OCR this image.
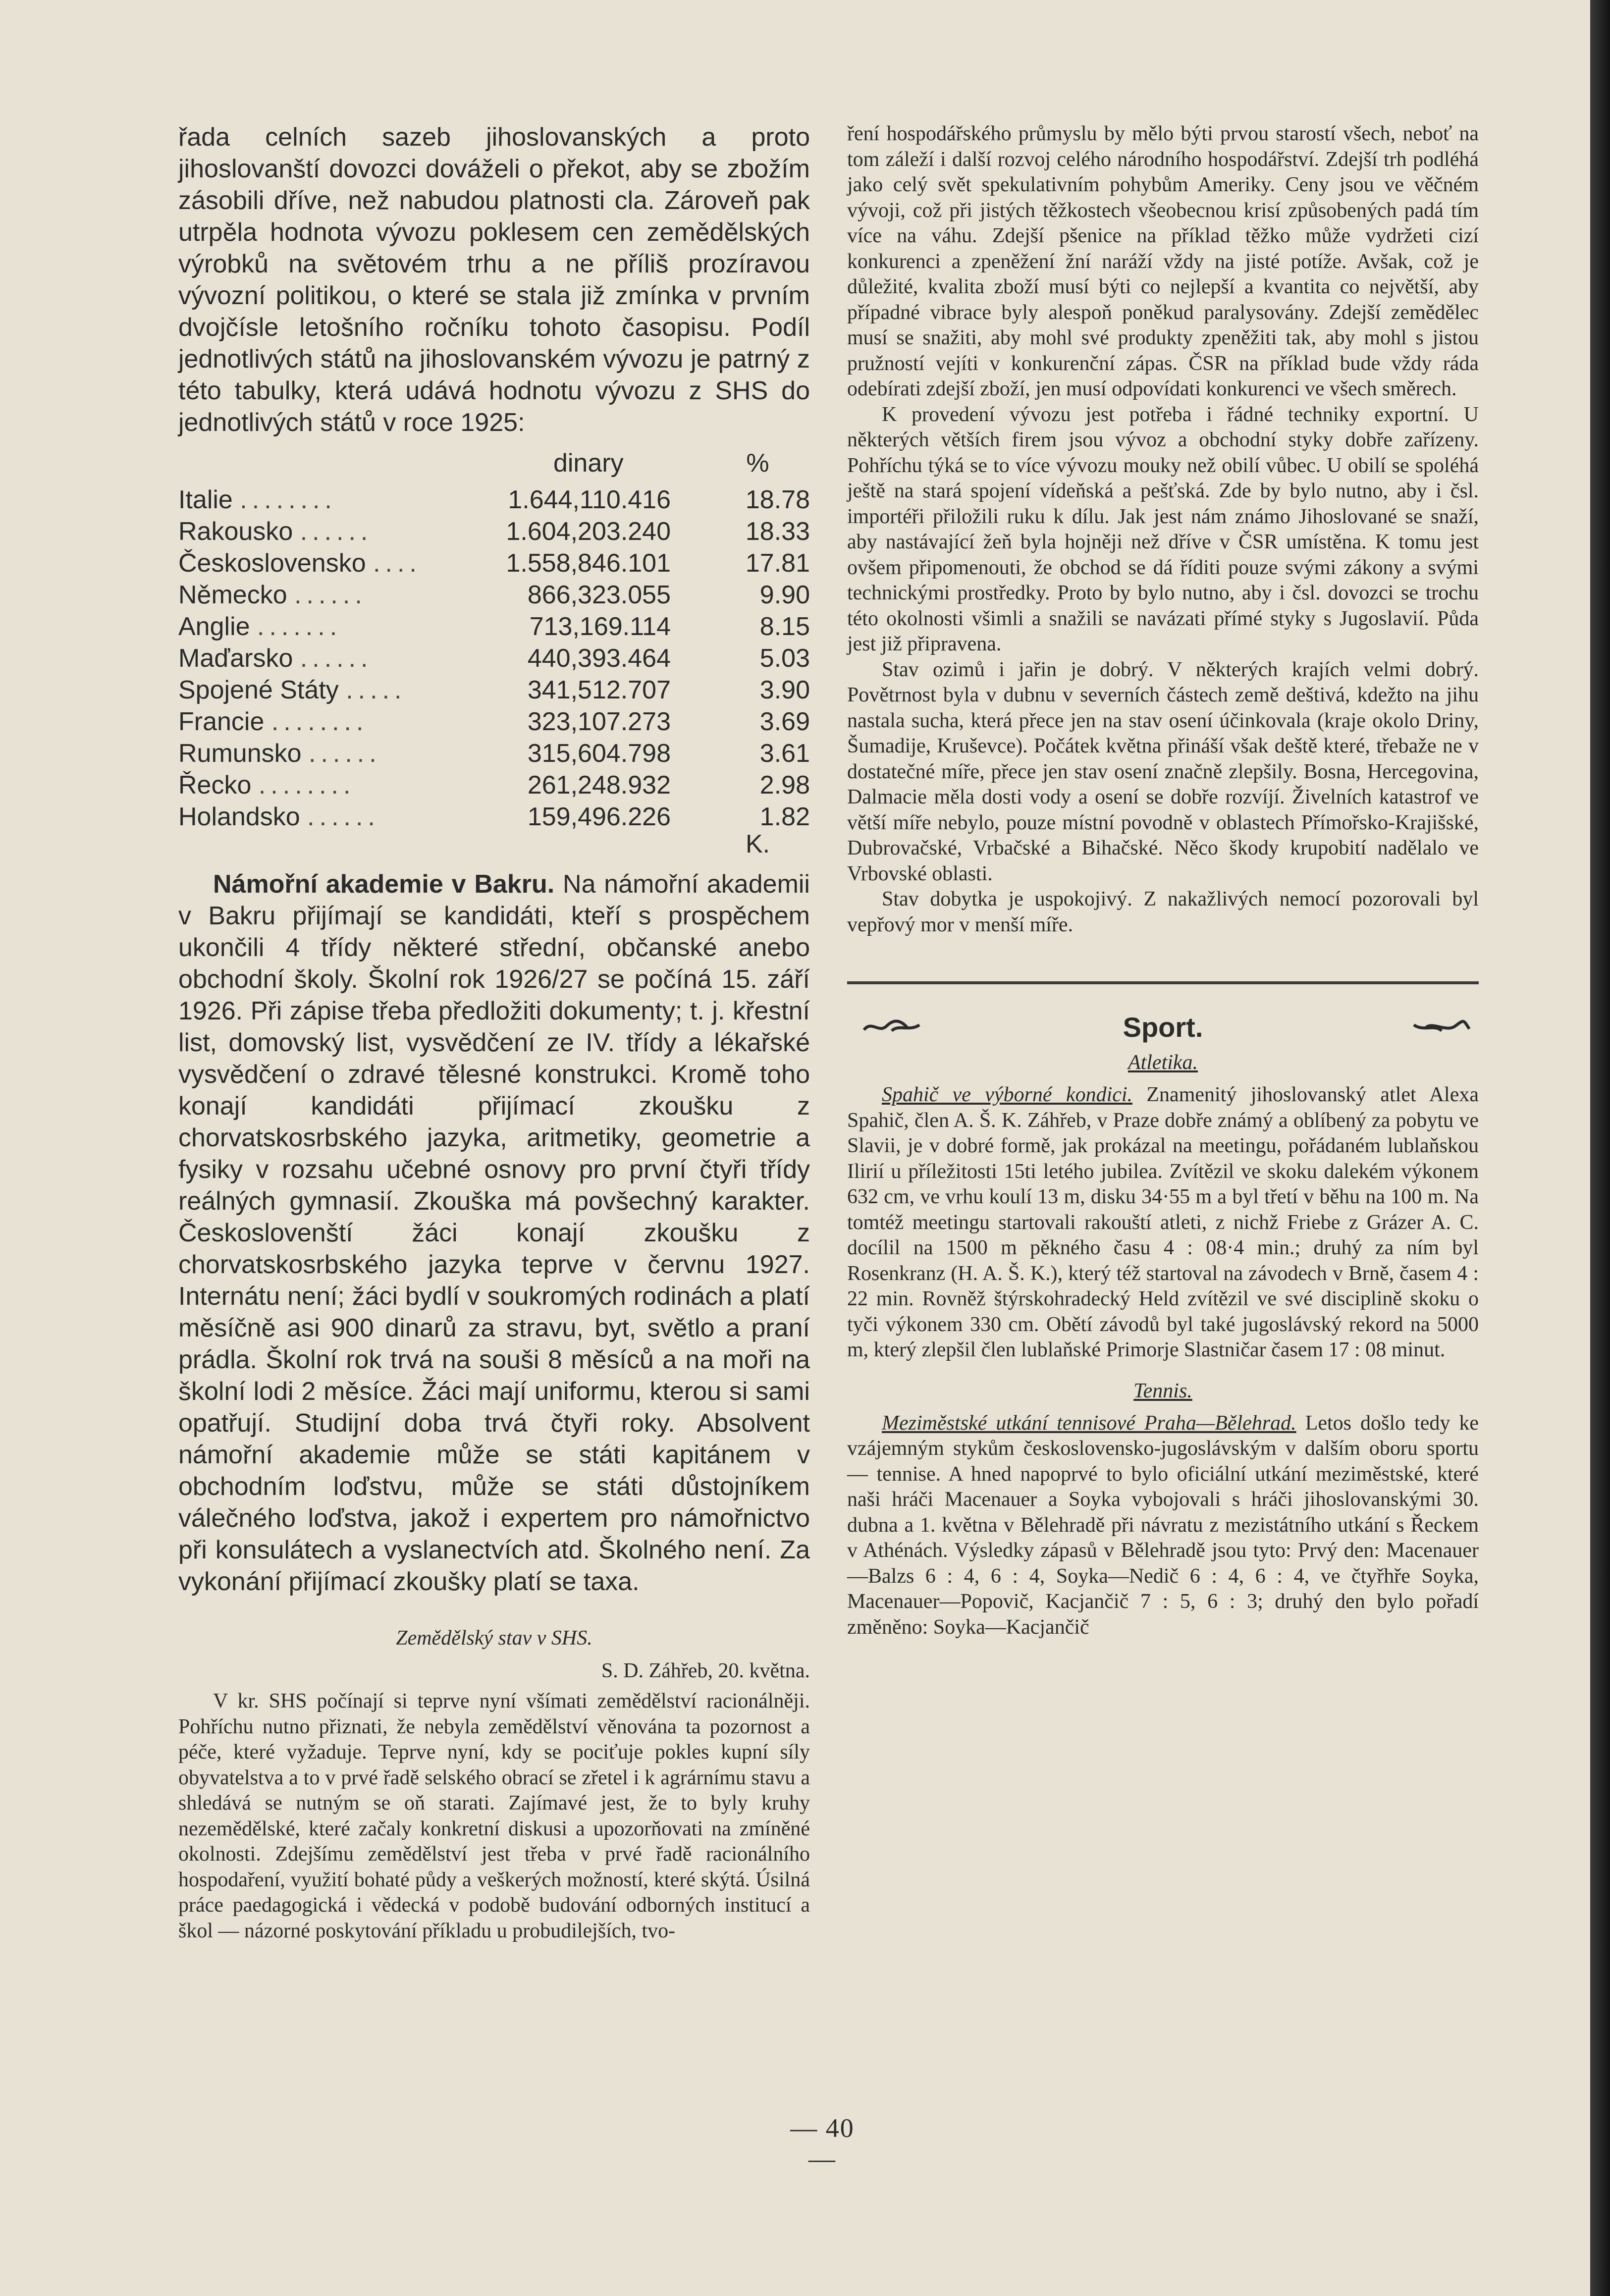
řada celních sazeb jihoslovanských a proto jihoslovanští dovozci dováželi o překot, aby se zbožím zásobili dříve, než nabudou platnosti cla. Zároveň pak utrpěla hodnota vývozu poklesem cen zemědělských výrobků na světovém trhu a ne příliš prozíravou vývozní politikou, o které se stala již zmínka v prvním dvojčísle letošního ročníku tohoto časopisu. Podíl jednotlivých států na jihoslovanském vývozu je patrný z této tabulky, která udává hodnotu vývozu z SHS do jednotlivých států v roce 1925:

	dinary	%
Italie ........	1.644,110.416	18.78
Rakousko ......	1.604,203.240	18.33
Československo ....	1.558,846.101	17.81
Německo ......	866,323.055	9.90
Anglie .......	713,169.114	8.15
Maďarsko ......	440,393.464	5.03
Spojené Státy .....	341,512.707	3.90
Francie ........	323,107.273	3.69
Rumunsko ......	315,604.798	3.61
Řecko ........	261,248.932	2.98
Holandsko ......	159,496.226	1.82
		K.

Námořní akademie v Bakru. Na námořní akademii v Bakru přijímají se kandidáti, kteří s prospěchem ukončili 4 třídy některé střední, občanské anebo obchodní školy. Školní rok 1926/27 se počíná 15. září 1926. Při zápise třeba předložiti dokumenty; t. j. křestní list, domovský list, vysvědčení ze IV. třídy a lékařské vysvědčení o zdravé tělesné konstrukci. Kromě toho konají kandidáti přijímací zkoušku z chorvatskosrbského jazyka, aritmetiky, geometrie a fysiky v rozsahu učebné osnovy pro první čtyři třídy reálných gymnasií. Zkouška má povšechný karakter. Českoslovenští žáci konají zkoušku z chorvatskosrbského jazyka teprve v červnu 1927. Internátu není; žáci bydlí v soukromých rodinách a platí měsíčně asi 900 dinarů za stravu, byt, světlo a praní prádla. Školní rok trvá na souši 8 měsíců a na moři na školní lodi 2 měsíce. Žáci mají uniformu, kterou si sami opatřují. Studijní doba trvá čtyři roky. Absolvent námořní akademie může se státi kapitánem v obchodním loďstvu, může se státi důstojníkem válečného loďstva, jakož i expertem pro námořnictvo při konsulátech a vyslanectvích atd. Školného není. Za vykonání přijímací zkoušky platí se taxa.

Zemědělský stav v SHS.
S. D. Záhřeb, 20. května.

V kr. SHS počínají si teprve nyní všímati zemědělství racionálněji. Pohříchu nutno přiznati, že nebyla zemědělství věnována ta pozornost a péče, které vyžaduje. Teprve nyní, kdy se pociťuje pokles kupní síly obyvatelstva a to v prvé řadě selského obrací se zřetel i k agrárnímu stavu a shledává se nutným se oň starati. Zajímavé jest, že to byly kruhy nezemědělské, které začaly konkretní diskusi a upozorňovati na zmíněné okolnosti. Zdejšímu zemědělství jest třeba v prvé řadě racionálního hospodaření, využití bohaté půdy a veškerých možností, které skýtá. Úsilná práce paedagogická i vědecká v podobě budování odborných institucí a škol — názorné poskytování příkladu u probudilejších, tvo-

ření hospodářského průmyslu by mělo býti prvou starostí všech, neboť na tom záleží i další rozvoj celého národního hospodářství. Zdejší trh podléhá jako celý svět spekulativním pohybům Ameriky. Ceny jsou ve věčném vývoji, což při jistých těžkostech všeobecnou krisí způsobených padá tím více na váhu. Zdejší pšenice na příklad těžko může vydržeti cizí konkurenci a zpeněžení žní naráží vždy na jisté potíže. Avšak, což je důležité, kvalita zboží musí býti co nejlepší a kvantita co největší, aby případné vibrace byly alespoň poněkud paralysovány. Zdejší zemědělec musí se snažiti, aby mohl své produkty zpeněžiti tak, aby mohl s jistou pružností vejíti v konkurenční zápas. ČSR na příklad bude vždy ráda odebírati zdejší zboží, jen musí odpovídati konkurenci ve všech směrech.

K provedení vývozu jest potřeba i řádné techniky exportní. U některých větších firem jsou vývoz a obchodní styky dobře zařízeny. Pohříchu týká se to více vývozu mouky než obilí vůbec. U obilí se spoléhá ještě na stará spojení vídeňská a pešťská. Zde by bylo nutno, aby i čsl. importéři přiložili ruku k dílu. Jak jest nám známo Jihoslované se snaží, aby nastávající žeň byla hojněji než dříve v ČSR umístěna. K tomu jest ovšem připomenouti, že obchod se dá říditi pouze svými zákony a svými technickými prostředky. Proto by bylo nutno, aby i čsl. dovozci se trochu této okolnosti všimli a snažili se navázati přímé styky s Jugoslavií. Půda jest již připravena.

Stav ozimů i jařin je dobrý. V některých krajích velmi dobrý. Povětrnost byla v dubnu v severních částech země deštivá, kdežto na jihu nastala sucha, která přece jen na stav osení účinkovala (kraje okolo Driny, Šumadije, Kruševce). Počátek května přináší však deště které, třebaže ne v dostatečné míře, přece jen stav osení značně zlepšily. Bosna, Hercegovina, Dalmacie měla dosti vody a osení se dobře rozvíjí. Živelních katastrof ve větší míře nebylo, pouze místní povodně v oblastech Přímořsko-Krajišské, Dubrovačské, Vrbačské a Bihačské. Něco škody krupobití nadělalo ve Vrbovské oblasti.

Stav dobytka je uspokojivý. Z nakažlivých nemocí pozorovali byl vepřový mor v menší míře.

Sport.
Atletika.

Spahič ve výborné kondici. Znamenitý jihoslovanský atlet Alexa Spahič, člen A. Š. K. Záhřeb, v Praze dobře známý a oblíbený za pobytu ve Slavii, je v dobré formě, jak prokázal na meetingu, pořádaném lublaňskou Ilirií u příležitosti 15ti letého jubilea. Zvítězil ve skoku dalekém výkonem 632 cm, ve vrhu koulí 13 m, disku 34·55 m a byl třetí v běhu na 100 m. Na tomtéž meetingu startovali rakouští atleti, z nichž Friebe z Grázer A. C. docílil na 1500 m pěkného času 4 : 08·4 min.; druhý za ním byl Rosenkranz (H. A. Š. K.), který též startoval na závodech v Brně, časem 4 : 22 min. Rovněž štýrskohradecký Held zvítězil ve své disciplině skoku o tyči výkonem 330 cm. Obětí závodů byl také jugoslávský rekord na 5000 m, který zlepšil člen lublaňské Primorje Slastničar časem 17 : 08 minut.

Tennis.

Meziměstské utkání tennisové Praha—Bělehrad. Letos došlo tedy ke vzájemným stykům československo-jugoslávským v dalším oboru sportu — tennise. A hned napoprvé to bylo oficiální utkání meziměstské, které naši hráči Macenauer a Soyka vybojovali s hráči jihoslovanskými 30. dubna a 1. května v Bělehradě při návratu z mezistátního utkání s Řeckem v Athénách. Výsledky zápasů v Bělehradě jsou tyto: Prvý den: Macenauer—Balzs 6 : 4, 6 : 4, Soyka—Nedič 6 : 4, 6 : 4, ve čtyřhře Soyka, Macenauer—Popovič, Kacjančič 7 : 5, 6 : 3; druhý den bylo pořadí změněno: Soyka—Kacjančič

— 40 —
